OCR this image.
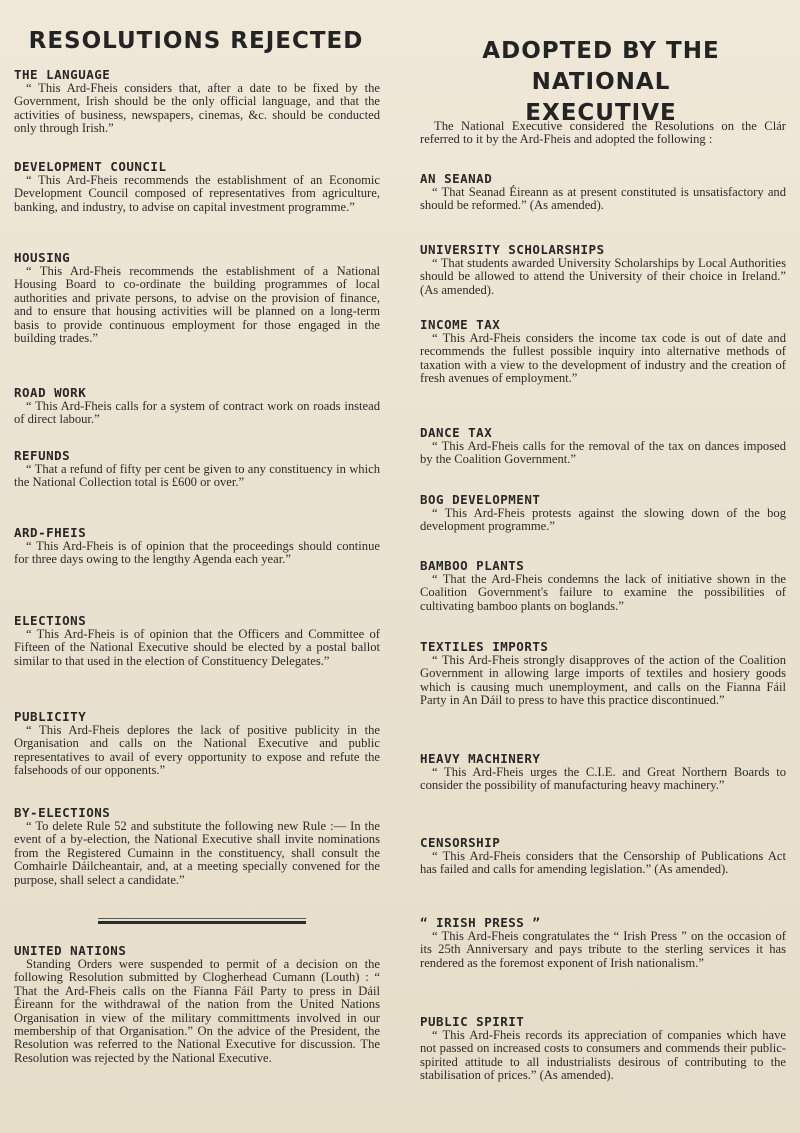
RESOLUTIONS REJECTED
THE LANGUAGE

“ This Ard-Fheis considers that, after a date to be fixed by the Government, Irish should be the only official language, and that the activities of business, newspapers, cinemas, &c. should be conducted only through Irish.”

DEVELOPMENT COUNCIL

“ This Ard-Fheis recommends the establishment of an Economic Development Council composed of representatives from agriculture, banking, and industry, to advise on capital investment programme.”

HOUSING

“ This Ard-Fheis recommends the establishment of a National Housing Board to co-ordinate the building programmes of local authorities and private persons, to advise on the provision of finance, and to ensure that housing activities will be planned on a long-term basis to provide continuous employment for those engaged in the building trades.”

ROAD WORK

“ This Ard-Fheis calls for a system of contract work on roads instead of direct labour.”

REFUNDS

“ That a refund of fifty per cent be given to any constituency in which the National Collection total is £600 or over.”

ARD-FHEIS

“ This Ard-Fheis is of opinion that the proceedings should continue for three days owing to the lengthy Agenda each year.”

ELECTIONS

“ This Ard-Fheis is of opinion that the Officers and Committee of Fifteen of the National Executive should be elected by a postal ballot similar to that used in the election of Constituency Delegates.”

PUBLICITY

“ This Ard-Fheis deplores the lack of positive publicity in the Organisation and calls on the National Executive and public representatives to avail of every opportunity to expose and refute the falsehoods of our opponents.”

BY-ELECTIONS

“ To delete Rule 52 and substitute the following new Rule :— In the event of a by-election, the National Executive shall invite nominations from the Registered Cumainn in the constituency, shall consult the Comhairle Dáilcheantair, and, at a meeting specially convened for the purpose, shall select a candidate.”

UNITED NATIONS

Standing Orders were suspended to permit of a decision on the following Resolution submitted by Clogherhead Cumann (Louth) : “ That the Ard-Fheis calls on the Fianna Fáil Party to press in Dáil Éireann for the withdrawal of the nation from the United Nations Organisation in view of the military committments involved in our membership of that Organisation.” On the advice of the President, the Resolution was referred to the National Executive for discussion. The Resolution was rejected by the National Executive.

ADOPTED BY THE NATIONAL
EXECUTIVE

The National Executive considered the Resolutions on the Clár referred to it by the Ard-Fheis and adopted the following :

AN SEANAD

“ That Seanad Éireann as at present constituted is unsatisfactory and should be reformed.” (As amended).

UNIVERSITY SCHOLARSHIPS

“ That students awarded University Scholarships by Local Authorities should be allowed to attend the University of their choice in Ireland.” (As amended).

INCOME TAX

“ This Ard-Fheis considers the income tax code is out of date and recommends the fullest possible inquiry into alternative methods of taxation with a view to the development of industry and the creation of fresh avenues of employment.”

DANCE TAX

“ This Ard-Fheis calls for the removal of the tax on dances imposed by the Coalition Government.”

BOG DEVELOPMENT

“ This Ard-Fheis protests against the slowing down of the bog development programme.”

BAMBOO PLANTS

“ That the Ard-Fheis condemns the lack of initiative shown in the Coalition Government's failure to examine the possibilities of cultivating bamboo plants on boglands.”

TEXTILES IMPORTS

“ This Ard-Fheis strongly disapproves of the action of the Coalition Government in allowing large imports of textiles and hosiery goods which is causing much unemployment, and calls on the Fianna Fáil Party in An Dáil to press to have this practice discontinued.”

HEAVY MACHINERY

“ This Ard-Fheis urges the C.I.E. and Great Northern Boards to consider the possibility of manufacturing heavy machinery.”

CENSORSHIP

“ This Ard-Fheis considers that the Censorship of Publications Act has failed and calls for amending legislation.” (As amended).

“ IRISH PRESS ”

“ This Ard-Fheis congratulates the “ Irish Press ” on the occasion of its 25th Anniversary and pays tribute to the sterling services it has rendered as the foremost exponent of Irish nationalism.”

PUBLIC SPIRIT

“ This Ard-Fheis records its appreciation of companies which have not passed on increased costs to consumers and commends their public-spirited attitude to all industrialists desirous of contributing to the stabilisation of prices.” (As amended).
